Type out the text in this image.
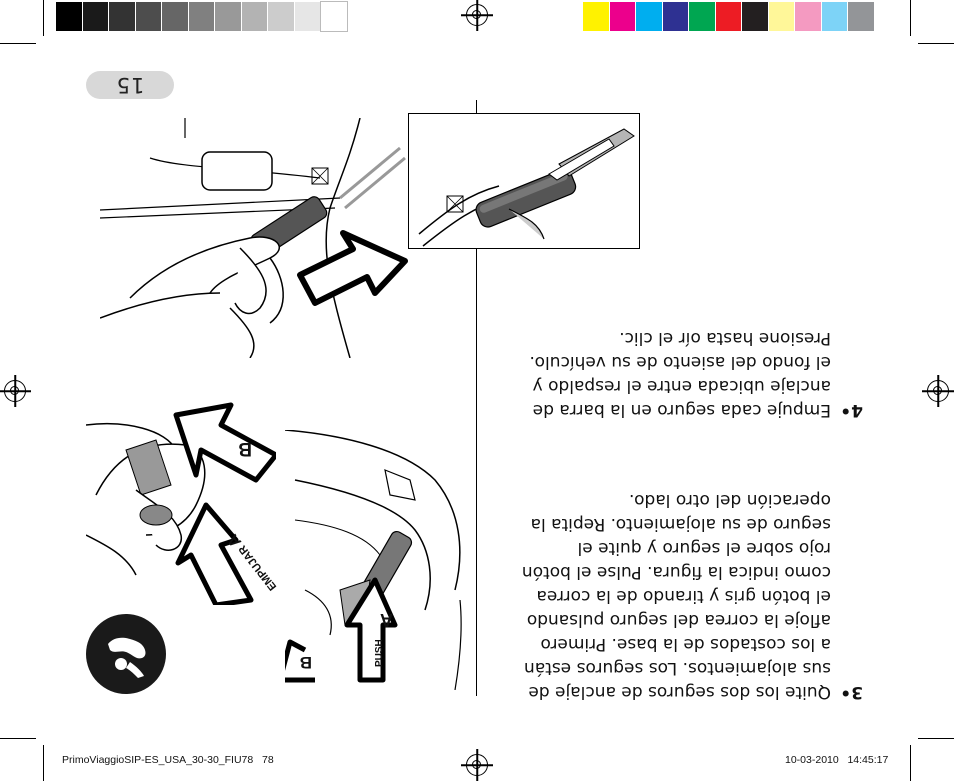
15
B
EMPUJAR A
A
PUSH
B
4•
Empuje cada seguro en la barra de
anclaje ubicada entre el respaldo y
el fondo del asiento de su vehículo.
Presione hasta oír el clic.
3•
Quite los dos seguros de anclaje de
sus alojamientos. Los seguros están
a los costados de la base. Primero
afloje la correa del seguro pulsando
el botón gris y tirando de la correa
como indica la figura. Pulse el botón
rojo sobre el seguro y quite el
seguro de su alojamiento. Repita la
operación del otro lado.
PrimoViaggioSIP-ES_USA_30-30_FIU78   78	10-03-2010   14:45:17
